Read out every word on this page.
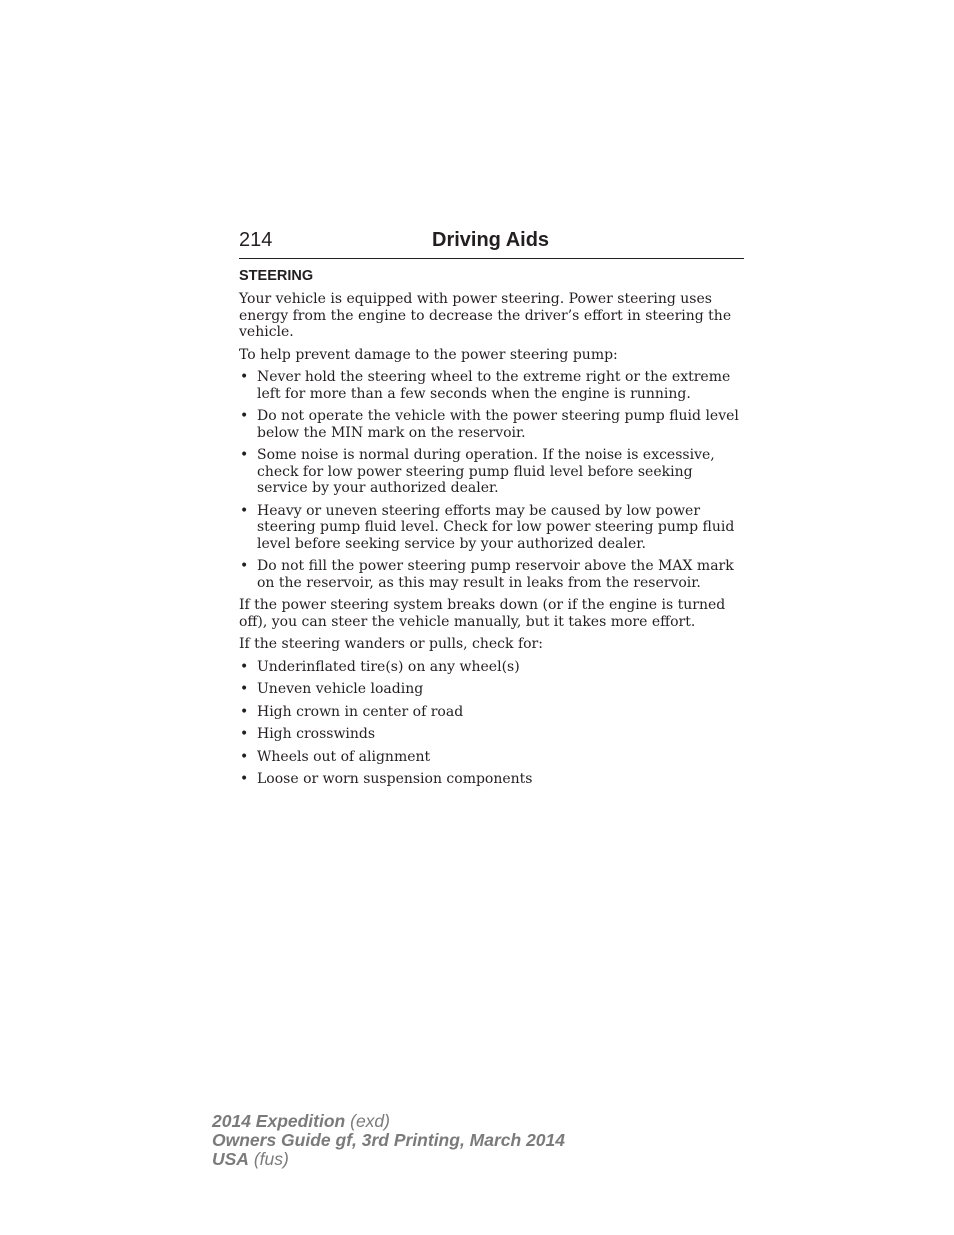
214	Driving Aids
STEERING

Your vehicle is equipped with power steering. Power steering uses energy from the engine to decrease the driver’s effort in steering the vehicle.

To help prevent damage to the power steering pump:

• Never hold the steering wheel to the extreme right or the extreme left for more than a few seconds when the engine is running.
• Do not operate the vehicle with the power steering pump fluid level below the MIN mark on the reservoir.
• Some noise is normal during operation. If the noise is excessive, check for low power steering pump fluid level before seeking service by your authorized dealer.
• Heavy or uneven steering efforts may be caused by low power steering pump fluid level. Check for low power steering pump fluid level before seeking service by your authorized dealer.
• Do not fill the power steering pump reservoir above the MAX mark on the reservoir, as this may result in leaks from the reservoir.

If the power steering system breaks down (or if the engine is turned off), you can steer the vehicle manually, but it takes more effort.

If the steering wanders or pulls, check for:

• Underinflated tire(s) on any wheel(s)
• Uneven vehicle loading
• High crown in center of road
• High crosswinds
• Wheels out of alignment
• Loose or worn suspension components
2014 Expedition (exd)
Owners Guide gf, 3rd Printing, March 2014
USA (fus)
